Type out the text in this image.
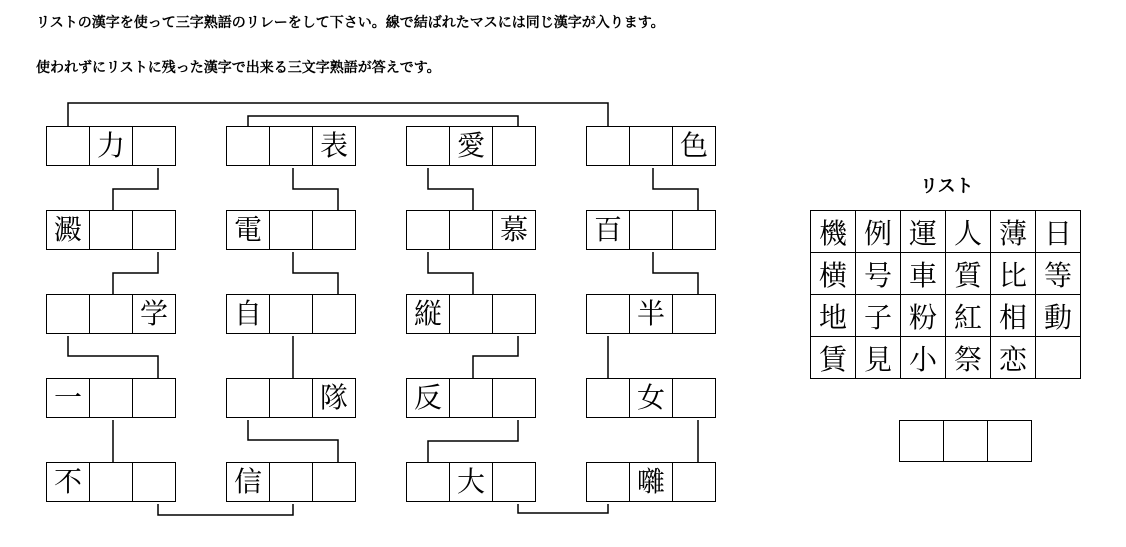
リストの漢字を使って三字熟語のリレーをして下さい。線で結ばれたマスには同じ漢字が入ります。
使われずにリストに残った漢字で出来る三文字熟語が答えです。
力
澱
学
一
不
表
電
自
隊
信
愛
慕
縦
反
大
色
百
半
女
囃
リスト
機 例 運 人 薄 日
横 号 車 質 比 等
地 子 粉 紅 相 動
賃 見 小 祭 恋
